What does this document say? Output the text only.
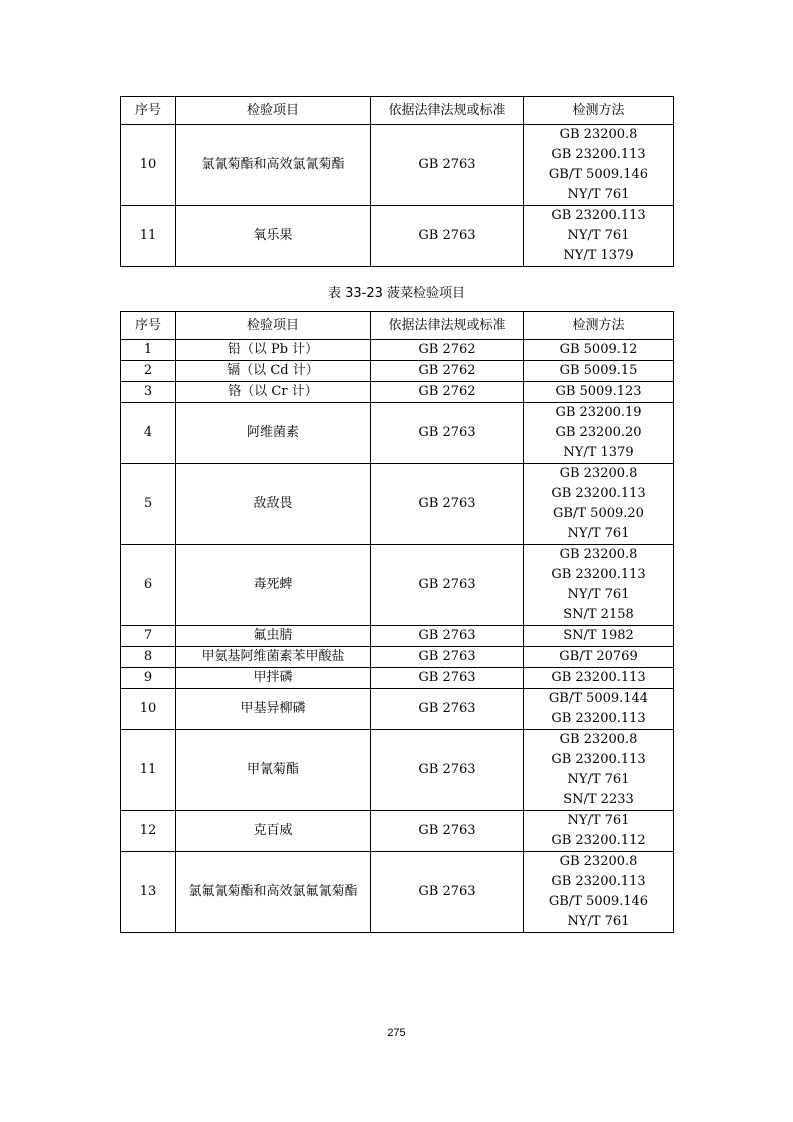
序号	检验项目	依据法律法规或标准	检测方法
10	氯氰菊酯和高效氯氰菊酯	GB 2763	GB 23200.8
GB 23200.113
GB/T 5009.146
NY/T 761

11	氧乐果	GB 2763	GB 23200.113
NY/T 761
NY/T 1379
表 33-23 菠菜检验项目
序号	检验项目	依据法律法规或标准	检测方法
1	铅（以 Pb 计）	GB 2762	GB 5009.12

2	镉（以 Cd 计）	GB 2762	GB 5009.15

3	铬（以 Cr 计）	GB 2762	GB 5009.123

4	阿维菌素	GB 2763	GB 23200.19
GB 23200.20
NY/T 1379

5	敌敌畏	GB 2763	GB 23200.8
GB 23200.113
GB/T 5009.20
NY/T 761

6	毒死蜱	GB 2763	GB 23200.8
GB 23200.113
NY/T 761
SN/T 2158

7	氟虫腈	GB 2763	SN/T 1982

8	甲氨基阿维菌素苯甲酸盐	GB 2763	GB/T 20769

9	甲拌磷	GB 2763	GB 23200.113

10	甲基异柳磷	GB 2763	GB/T 5009.144
GB 23200.113

11	甲氰菊酯	GB 2763	GB 23200.8
GB 23200.113
NY/T 761
SN/T 2233

12	克百威	GB 2763	NY/T 761
GB 23200.112

13	氯氟氰菊酯和高效氯氟氰菊酯	GB 2763	GB 23200.8
GB 23200.113
GB/T 5009.146
NY/T 761
275
